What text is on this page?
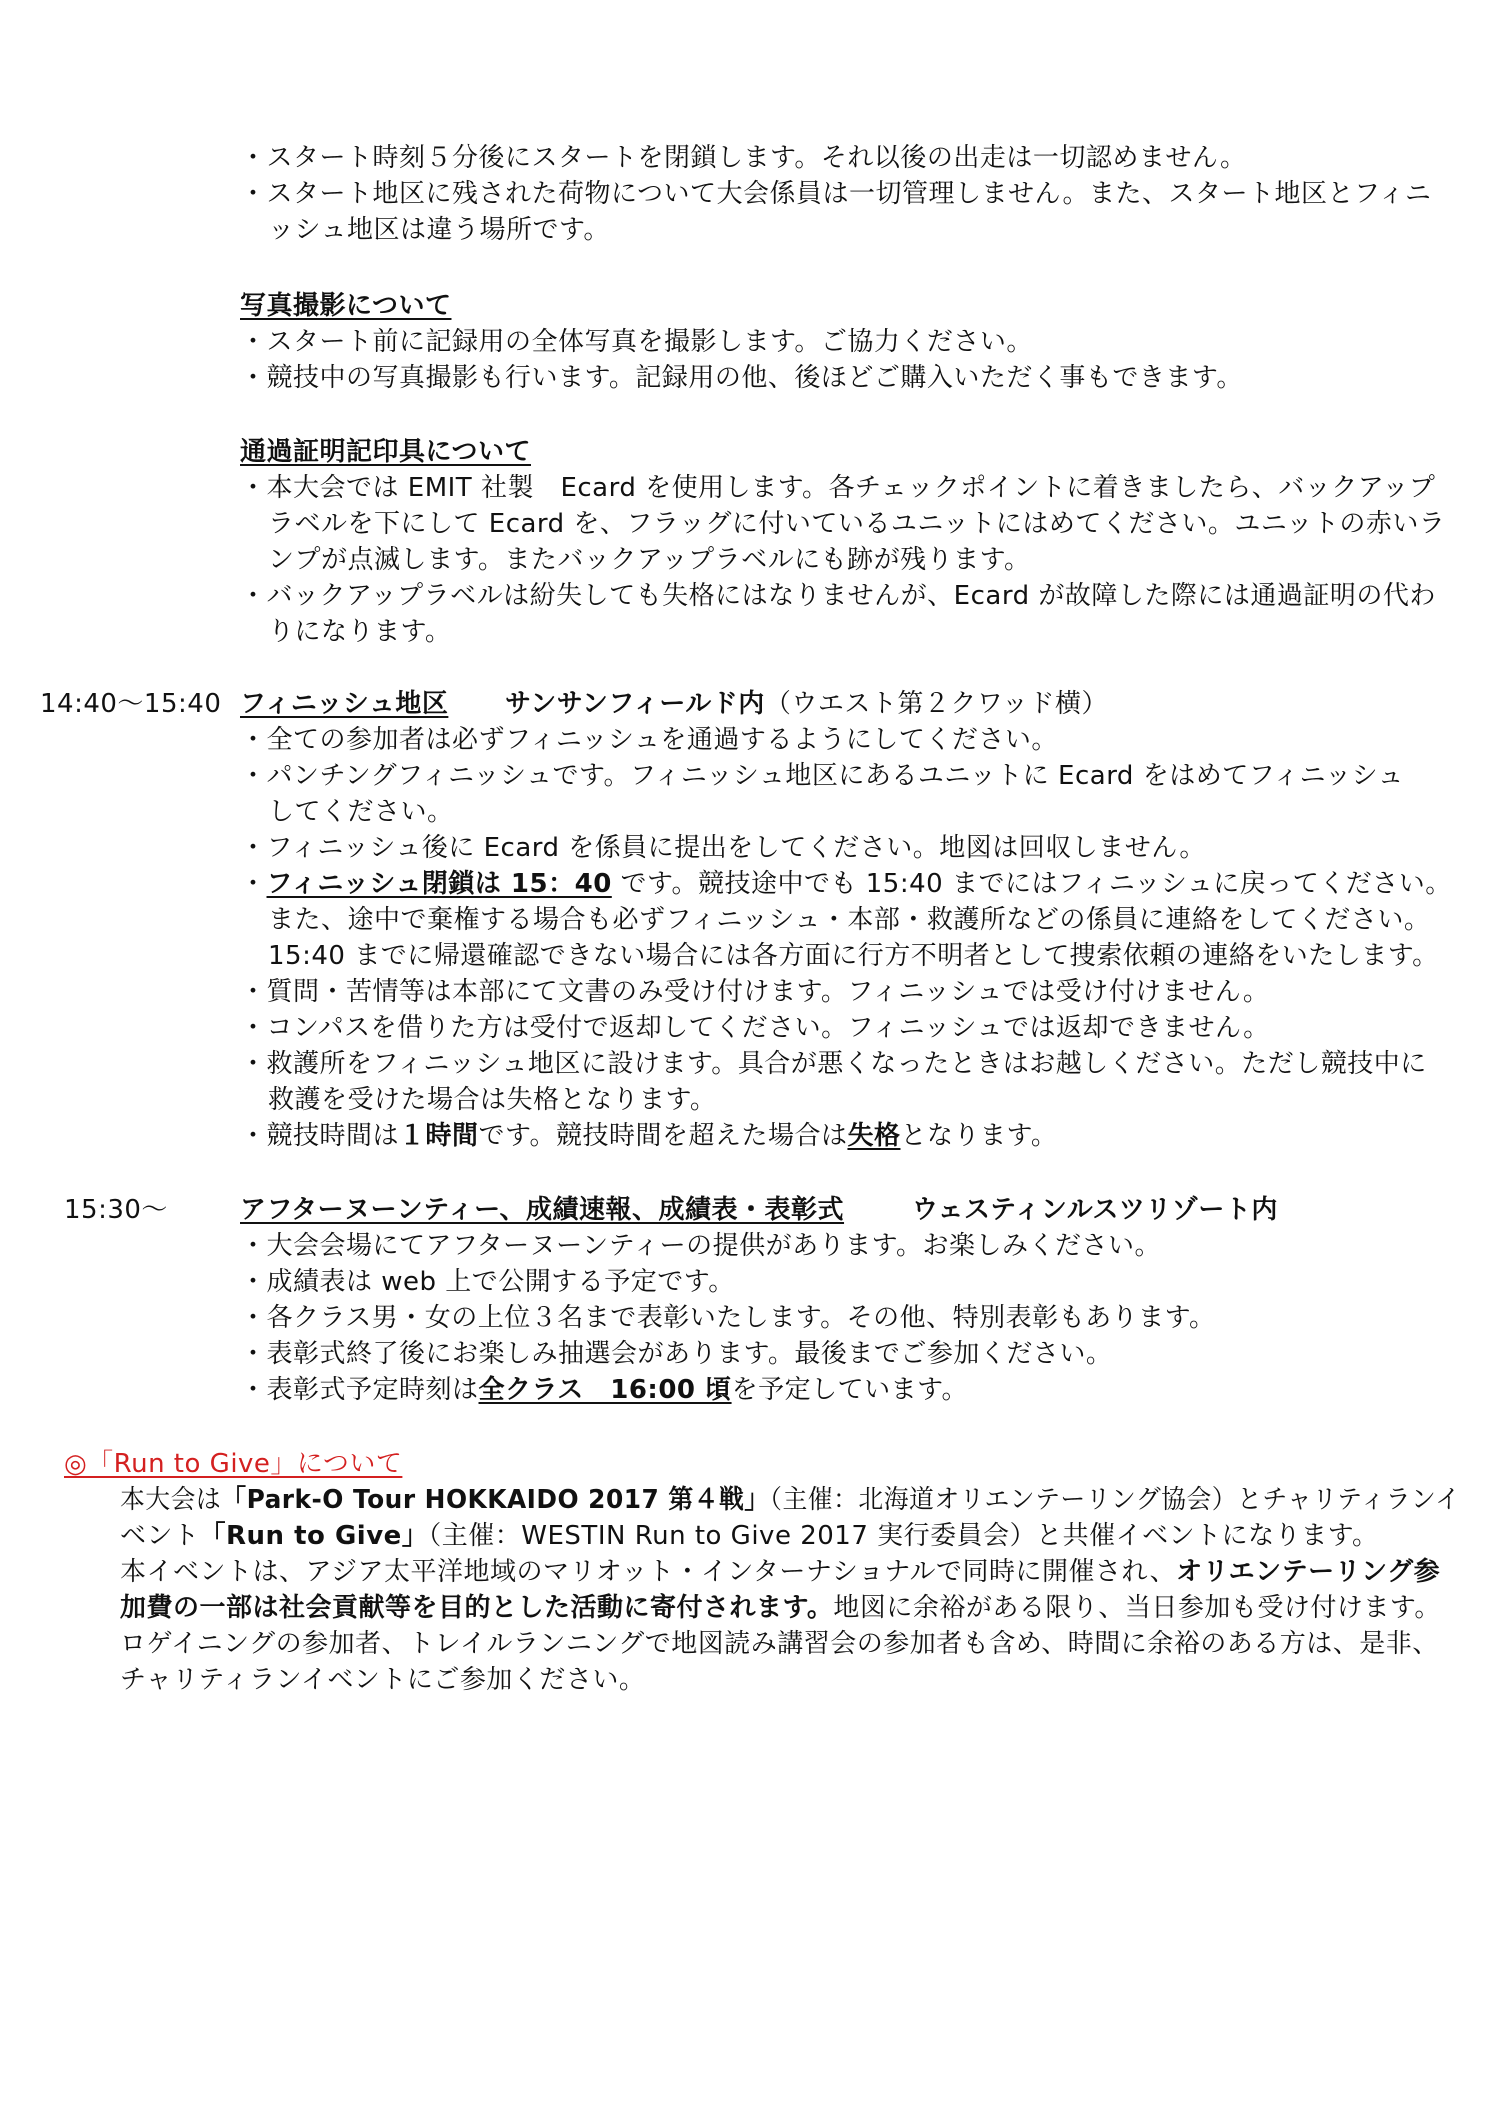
・スタート時刻５分後にスタートを閉鎖します。それ以後の出走は一切認めません。
・スタート地区に残された荷物について大会係員は一切管理しません。また、スタート地区とフィニ
ッシュ地区は違う場所です。
写真撮影について
・スタート前に記録用の全体写真を撮影します。ご協力ください。
・競技中の写真撮影も行います。記録用の他、後ほどご購入いただく事もできます。
通過証明記印具について
・本大会では EMIT 社製　Ecard を使用します。各チェックポイントに着きましたら、バックアップ
ラベルを下にして Ecard を、フラッグに付いているユニットにはめてください。ユニットの赤いラ
ンプが点滅します。またバックアップラベルにも跡が残ります。
・バックアップラベルは紛失しても失格にはなりませんが、Ecard が故障した際には通過証明の代わ
りになります。
14:40～15:40 フィニッシュ地区 サンサンフィールド内（ウエスト第２クワッド横）
・全ての参加者は必ずフィニッシュを通過するようにしてください。
・パンチングフィニッシュです。フィニッシュ地区にあるユニットに Ecard をはめてフィニッシュ
してください。
・フィニッシュ後に Ecard を係員に提出をしてください。地図は回収しません。
・フィニッシュ閉鎖は 15：40 です。競技途中でも 15:40 までにはフィニッシュに戻ってください。
また、途中で棄権する場合も必ずフィニッシュ・本部・救護所などの係員に連絡をしてください。
15:40 までに帰還確認できない場合には各方面に行方不明者として捜索依頼の連絡をいたします。
・質問・苦情等は本部にて文書のみ受け付けます。フィニッシュでは受け付けません。
・コンパスを借りた方は受付で返却してください。フィニッシュでは返却できません。
・救護所をフィニッシュ地区に設けます。具合が悪くなったときはお越しください。ただし競技中に
救護を受けた場合は失格となります。
・競技時間は１時間です。競技時間を超えた場合は失格となります。
15:30～	アフターヌーンティー、成績速報、成績表・表彰式	ウェスティンルスツリゾート内
・大会会場にてアフターヌーンティーの提供があります。お楽しみください。
・成績表は web 上で公開する予定です。
・各クラス男・女の上位３名まで表彰いたします。その他、特別表彰もあります。
・表彰式終了後にお楽しみ抽選会があります。最後までご参加ください。
・表彰式予定時刻は全クラス　16:00 頃を予定しています。
◎「Run to Give」について
本大会は「Park-O Tour HOKKAIDO 2017 第４戦」（主催：北海道オリエンテーリング協会）とチャリティランイ
ベント「Run to Give」（主催：WESTIN Run to Give 2017 実行委員会）と共催イベントになります。
本イベントは、アジア太平洋地域のマリオット・インターナショナルで同時に開催され、オリエンテーリング参
加費の一部は社会貢献等を目的とした活動に寄付されます。地図に余裕がある限り、当日参加も受け付けます。
ロゲイニングの参加者、トレイルランニングで地図読み講習会の参加者も含め、時間に余裕のある方は、是非、
チャリティランイベントにご参加ください。
